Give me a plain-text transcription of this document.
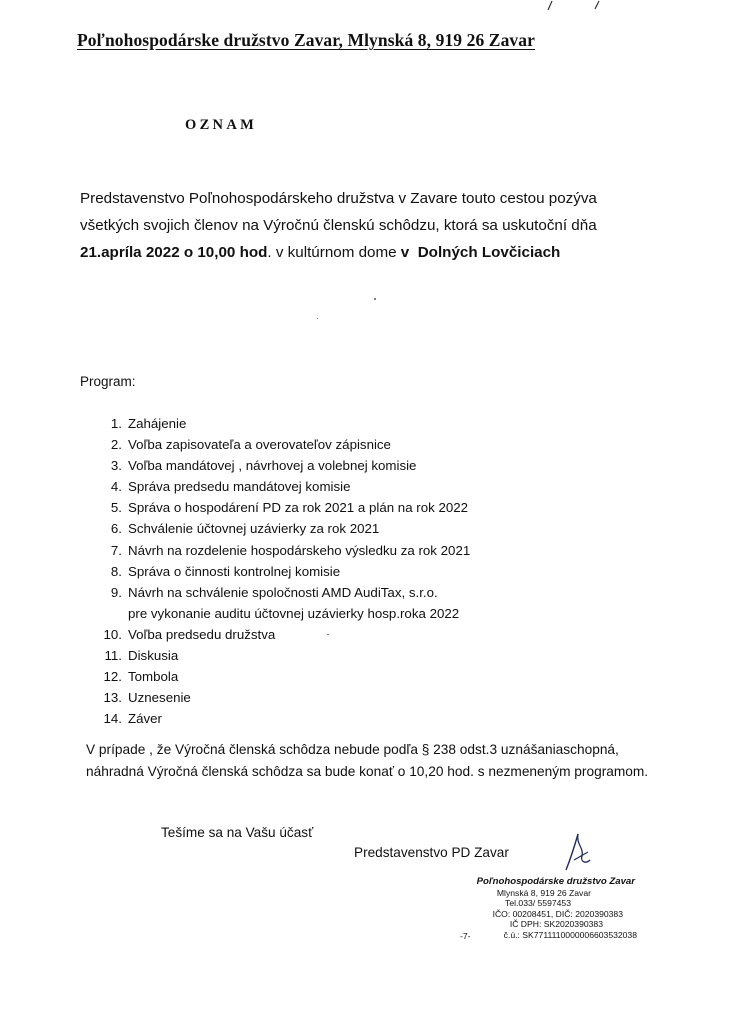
Poľnohospodárske družstvo Zavar, Mlynská 8, 919 26 Zavar
OZNAM
Predstavenstvo Poľnohospodárskeho družstva v Zavare touto cestou pozýva
všetkých svojich členov na Výročnú členskú schôdzu, ktorá sa uskutoční dňa
21.apríla 2022 o 10,00 hod. v kultúrnom dome v Dolných Lovčiciach
Program:
1. Zahájenie
2. Voľba zapisovateľa a overovateľov zápisnice
3. Voľba mandátovej , návrhovej a volebnej komisie
4. Správa predsedu mandátovej komisie
5. Správa o hospodárení PD za rok 2021 a plán na rok 2022
6. Schválenie účtovnej uzávierky za rok 2021
7. Návrh na rozdelenie hospodárskeho výsledku za rok 2021
8. Správa o činnosti kontrolnej komisie
9. Návrh na schválenie spoločnosti AMD AudiTax, s.r.o.
pre vykonanie auditu účtovnej uzávierky hosp.roka 2022
10. Voľba predsedu družstva
11. Diskusia
12. Tombola
13. Uznesenie
14. Záver
V prípade , že Výročná členská schôdza nebude podľa § 238 odst.3 uznášaniaschopná,
náhradná Výročná členská schôdza sa bude konať o 10,20 hod. s nezmeneným programom.
Tešíme sa na Vašu účasť
Predstavenstvo PD Zavar
Poľnohospodárske družstvo Zavar
Mlynská 8, 919 26 Zavar
Tel.033/ 5597453
IČO: 00208451, DIČ: 2020390383
IČ DPH: SK2020390383
č.ú.: SK7711110000006603532038
-7-
